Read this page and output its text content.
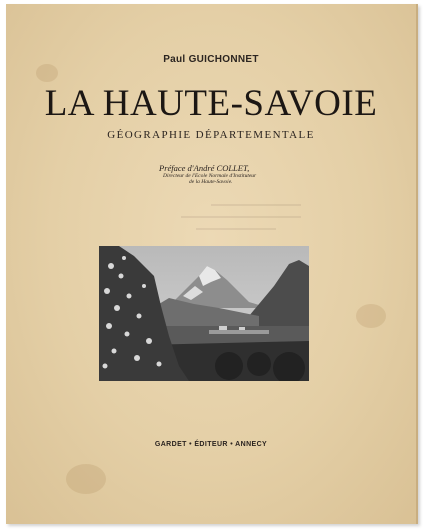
Paul GUICHONNET
LA HAUTE-SAVOIE
GÉOGRAPHIE DÉPARTEMENTALE
Préface d'André COLLET,
Directeur de l'Ecole Normale d'Instituteur
de la Haute-Savoie.
GARDET • ÉDITEUR • ANNECY
